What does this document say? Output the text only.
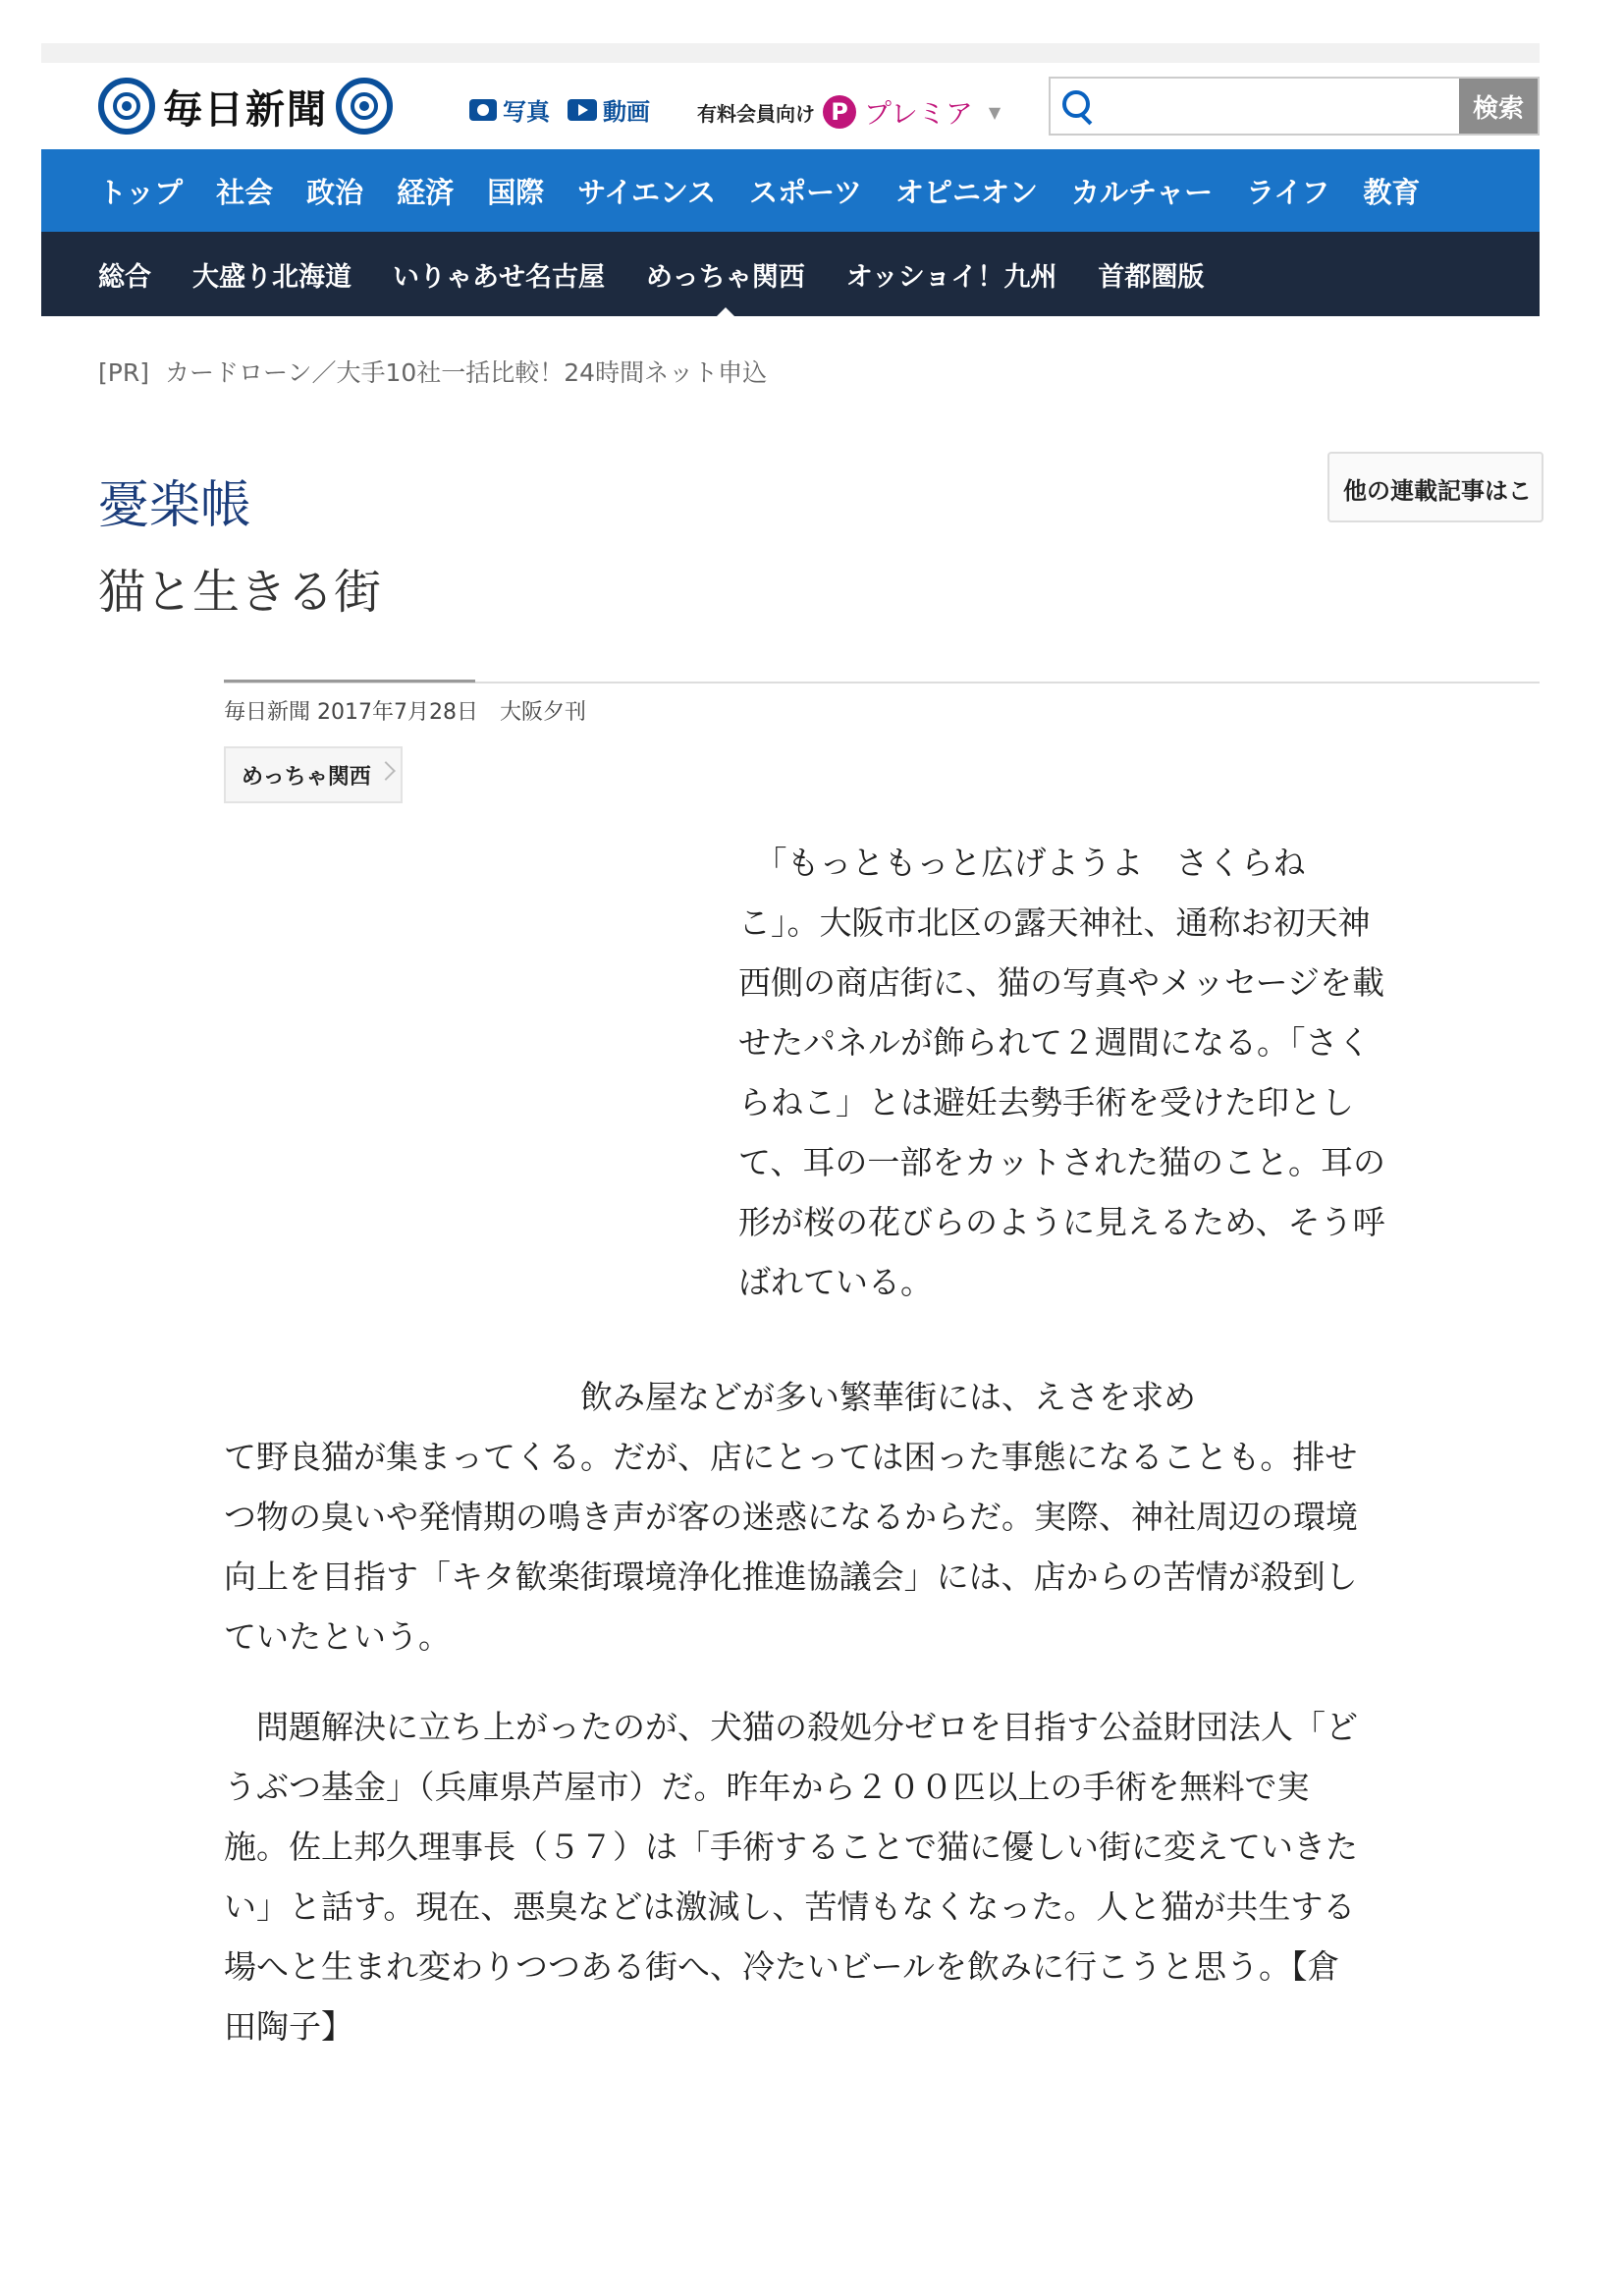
毎日新聞	写真 動画 有料会員向け P プレミア ▼	検索
トップ 社会 政治 経済 国際 サイエンス スポーツ オピニオン カルチャー ライフ 教育
総合 大盛り北海道 いりゃあせ名古屋 めっちゃ関西 オッショイ！九州 首都圏版
[PR] カードローン／大手10社一括比較！24時間ネット申込
憂楽帳	他の連載記事はこ
猫と生きる街
毎日新聞 2017年7月28日　大阪夕刊
めっちゃ関西
　「もっともっと広げようよ　さくらね
こ」。大阪市北区の露天神社、通称お初天神
西側の商店街に、猫の写真やメッセージを載
せたパネルが飾られて２週間になる。「さく
らねこ」とは避妊去勢手術を受けた印とし
て、耳の一部をカットされた猫のこと。耳の
形が桜の花びらのように見えるため、そう呼
ばれている。
　　　　　　　　　　　飲み屋などが多い繁華街には、えさを求め
て野良猫が集まってくる。だが、店にとっては困った事態になることも。排せ
つ物の臭いや発情期の鳴き声が客の迷惑になるからだ。実際、神社周辺の環境
向上を目指す「キタ歓楽街環境浄化推進協議会」には、店からの苦情が殺到し
ていたという。
　問題解決に立ち上がったのが、犬猫の殺処分ゼロを目指す公益財団法人「ど
うぶつ基金」（兵庫県芦屋市）だ。昨年から２００匹以上の手術を無料で実
施。佐上邦久理事長（５７）は「手術することで猫に優しい街に変えていきた
い」と話す。現在、悪臭などは激減し、苦情もなくなった。人と猫が共生する
場へと生まれ変わりつつある街へ、冷たいビールを飲みに行こうと思う。【倉
田陶子】
